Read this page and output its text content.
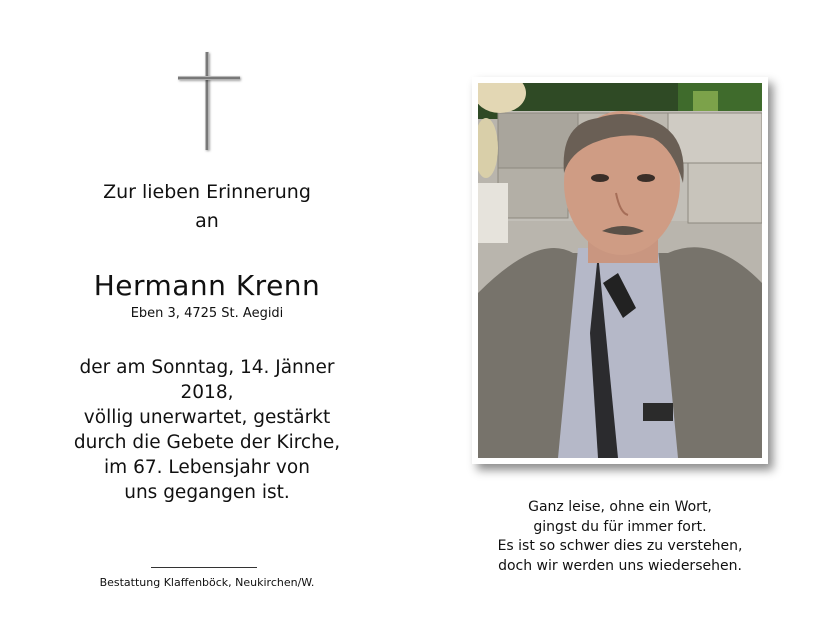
Zur lieben Erinnerung
an
Hermann Krenn
Eben 3, 4725 St. Aegidi
der am Sonntag, 14. Jänner 2018,
völlig unerwartet, gestärkt
durch die Gebete der Kirche,
im 67. Lebensjahr von
uns gegangen ist.
Bestattung Klaffenböck, Neukirchen/W.
Ganz leise, ohne ein Wort,
gingst du für immer fort.
Es ist so schwer dies zu verstehen,
doch wir werden uns wiedersehen.
